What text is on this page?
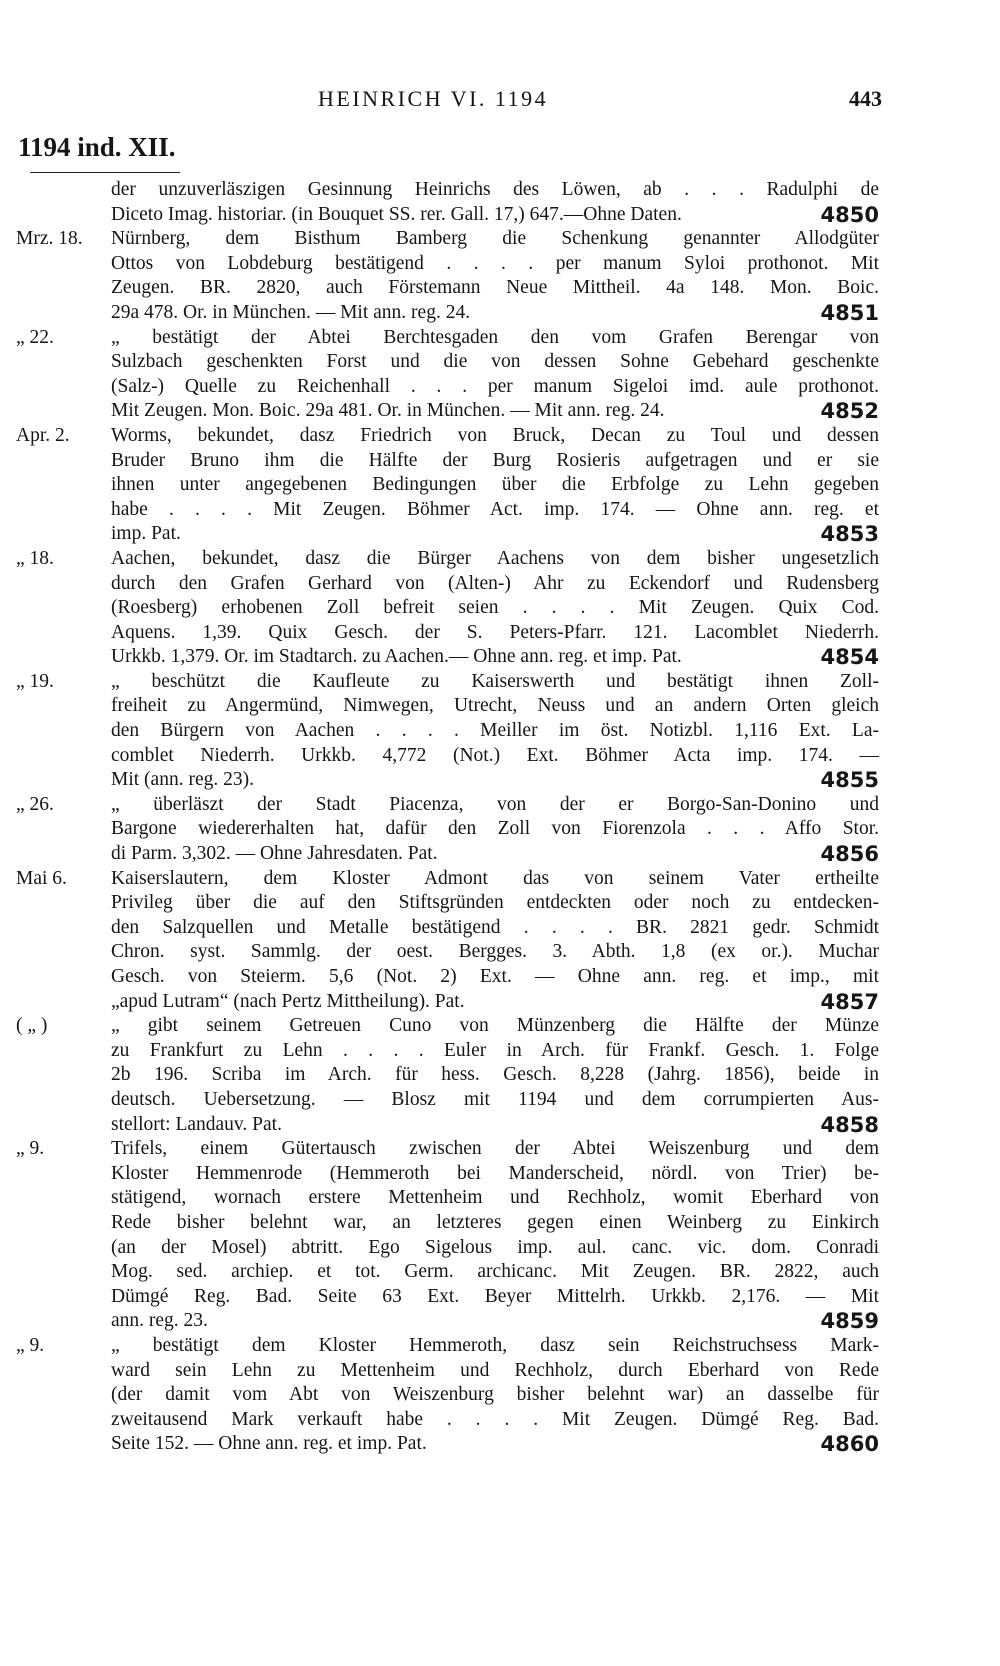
HEINRICH VI. 1194	443
1194 ind. XII.
der unzuverläszigen Gesinnung Heinrichs des Löwen, ab . . . Radulphi de
Diceto Imag. historiar. (in Bouquet SS. rer. Gall. 17,) 647.—Ohne Daten.	4850
Mrz. 18.	Nürnberg, dem Bisthum Bamberg die Schenkung genannter Allodgüter
Ottos von Lobdeburg bestätigend . . . . per manum Syloi prothonot. Mit
Zeugen. BR. 2820, auch Förstemann Neue Mittheil. 4a 148. Mon. Boic.
29a 478. Or. in München. — Mit ann. reg. 24.	4851
„ 22.	„ bestätigt der Abtei Berchtesgaden den vom Grafen Berengar von
Sulzbach geschenkten Forst und die von dessen Sohne Gebehard geschenkte
(Salz-) Quelle zu Reichenhall . . . per manum Sigeloi imd. aule prothonot.
Mit Zeugen. Mon. Boic. 29a 481. Or. in München. — Mit ann. reg. 24.	4852
Apr. 2.	Worms, bekundet, dasz Friedrich von Bruck, Decan zu Toul und dessen
Bruder Bruno ihm die Hälfte der Burg Rosieris aufgetragen und er sie
ihnen unter angegebenen Bedingungen über die Erbfolge zu Lehn gegeben
habe . . . . Mit Zeugen. Böhmer Act. imp. 174. — Ohne ann. reg. et
imp. Pat.	4853
„ 18.	Aachen, bekundet, dasz die Bürger Aachens von dem bisher ungesetzlich
durch den Grafen Gerhard von (Alten-) Ahr zu Eckendorf und Rudensberg
(Roesberg) erhobenen Zoll befreit seien . . . . Mit Zeugen. Quix Cod.
Aquens. 1,39. Quix Gesch. der S. Peters-Pfarr. 121. Lacomblet Niederrh.
Urkkb. 1,379. Or. im Stadtarch. zu Aachen.— Ohne ann. reg. et imp. Pat.	4854
„ 19.	„ beschützt die Kaufleute zu Kaiserswerth und bestätigt ihnen Zoll-
freiheit zu Angermünd, Nimwegen, Utrecht, Neuss und an andern Orten gleich
den Bürgern von Aachen . . . . Meiller im öst. Notizbl. 1,116 Ext. La-
comblet Niederrh. Urkkb. 4,772 (Not.) Ext. Böhmer Acta imp. 174. —
Mit (ann. reg. 23).	4855
„ 26.	„ überläszt der Stadt Piacenza, von der er Borgo-San-Donino und
Bargone wiedererhalten hat, dafür den Zoll von Fiorenzola . . . Affo Stor.
di Parm. 3,302. — Ohne Jahresdaten. Pat.	4856
Mai 6.	Kaiserslautern, dem Kloster Admont das von seinem Vater ertheilte
Privileg über die auf den Stiftsgründen entdeckten oder noch zu entdecken-
den Salzquellen und Metalle bestätigend . . . . BR. 2821 gedr. Schmidt
Chron. syst. Sammlg. der oest. Bergges. 3. Abth. 1,8 (ex or.). Muchar
Gesch. von Steierm. 5,6 (Not. 2) Ext. — Ohne ann. reg. et imp., mit
„apud Lutram“ (nach Pertz Mittheilung). Pat.	4857
( „ )	„ gibt seinem Getreuen Cuno von Münzenberg die Hälfte der Münze
zu Frankfurt zu Lehn . . . . Euler in Arch. für Frankf. Gesch. 1. Folge
2b 196. Scriba im Arch. für hess. Gesch. 8,228 (Jahrg. 1856), beide in
deutsch. Uebersetzung. — Blosz mit 1194 und dem corrumpierten Aus-
stellort: Landauv. Pat.	4858
„ 9.	Trifels, einem Gütertausch zwischen der Abtei Weiszenburg und dem
Kloster Hemmenrode (Hemmeroth bei Manderscheid, nördl. von Trier) be-
stätigend, wornach erstere Mettenheim und Rechholz, womit Eberhard von
Rede bisher belehnt war, an letzteres gegen einen Weinberg zu Einkirch
(an der Mosel) abtritt. Ego Sigelous imp. aul. canc. vic. dom. Conradi
Mog. sed. archiep. et tot. Germ. archicanc. Mit Zeugen. BR. 2822, auch
Dümgé Reg. Bad. Seite 63 Ext. Beyer Mittelrh. Urkkb. 2,176. — Mit
ann. reg. 23.	4859
„ 9.	„ bestätigt dem Kloster Hemmeroth, dasz sein Reichstruchsess Mark-
ward sein Lehn zu Mettenheim und Rechholz, durch Eberhard von Rede
(der damit vom Abt von Weiszenburg bisher belehnt war) an dasselbe für
zweitausend Mark verkauft habe . . . . Mit Zeugen. Dümgé Reg. Bad.
Seite 152. — Ohne ann. reg. et imp. Pat.	4860
